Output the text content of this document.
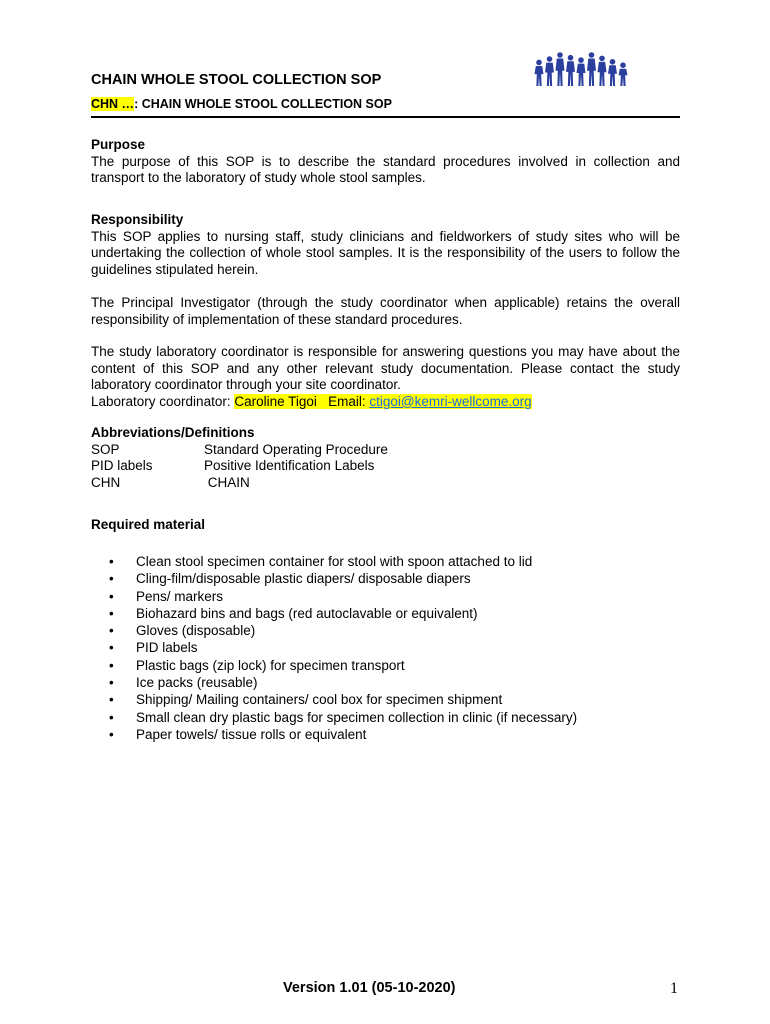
CHAIN WHOLE STOOL COLLECTION SOP
CHN …: CHAIN WHOLE STOOL COLLECTION SOP
Purpose
The purpose of this SOP is to describe the standard procedures involved in collection and transport to the laboratory of study whole stool samples.
Responsibility
This SOP applies to nursing staff, study clinicians and fieldworkers of study sites who will be undertaking the collection of whole stool samples. It is the responsibility of the users to follow the guidelines stipulated herein.
The Principal Investigator (through the study coordinator when applicable) retains the overall responsibility of implementation of these standard procedures.
The study laboratory coordinator is responsible for answering questions you may have about the content of this SOP and any other relevant study documentation. Please contact the study laboratory coordinator through your site coordinator.
Laboratory coordinator: Caroline Tigoi   Email: ctigoi@kemri-wellcome.org
Abbreviations/Definitions
SOP	Standard Operating Procedure
PID labels	Positive Identification Labels
CHN	CHAIN
Required material
•	Clean stool specimen container for stool with spoon attached to lid
•	Cling-film/disposable plastic diapers/ disposable diapers
•	Pens/ markers
•	Biohazard bins and bags (red autoclavable or equivalent)
•	Gloves (disposable)
•	PID labels
•	Plastic bags (zip lock) for specimen transport
•	Ice packs (reusable)
•	Shipping/ Mailing containers/ cool box for specimen shipment
•	Small clean dry plastic bags for specimen collection in clinic (if necessary)
•	Paper towels/ tissue rolls or equivalent
Version 1.01 (05-10-2020)	1
